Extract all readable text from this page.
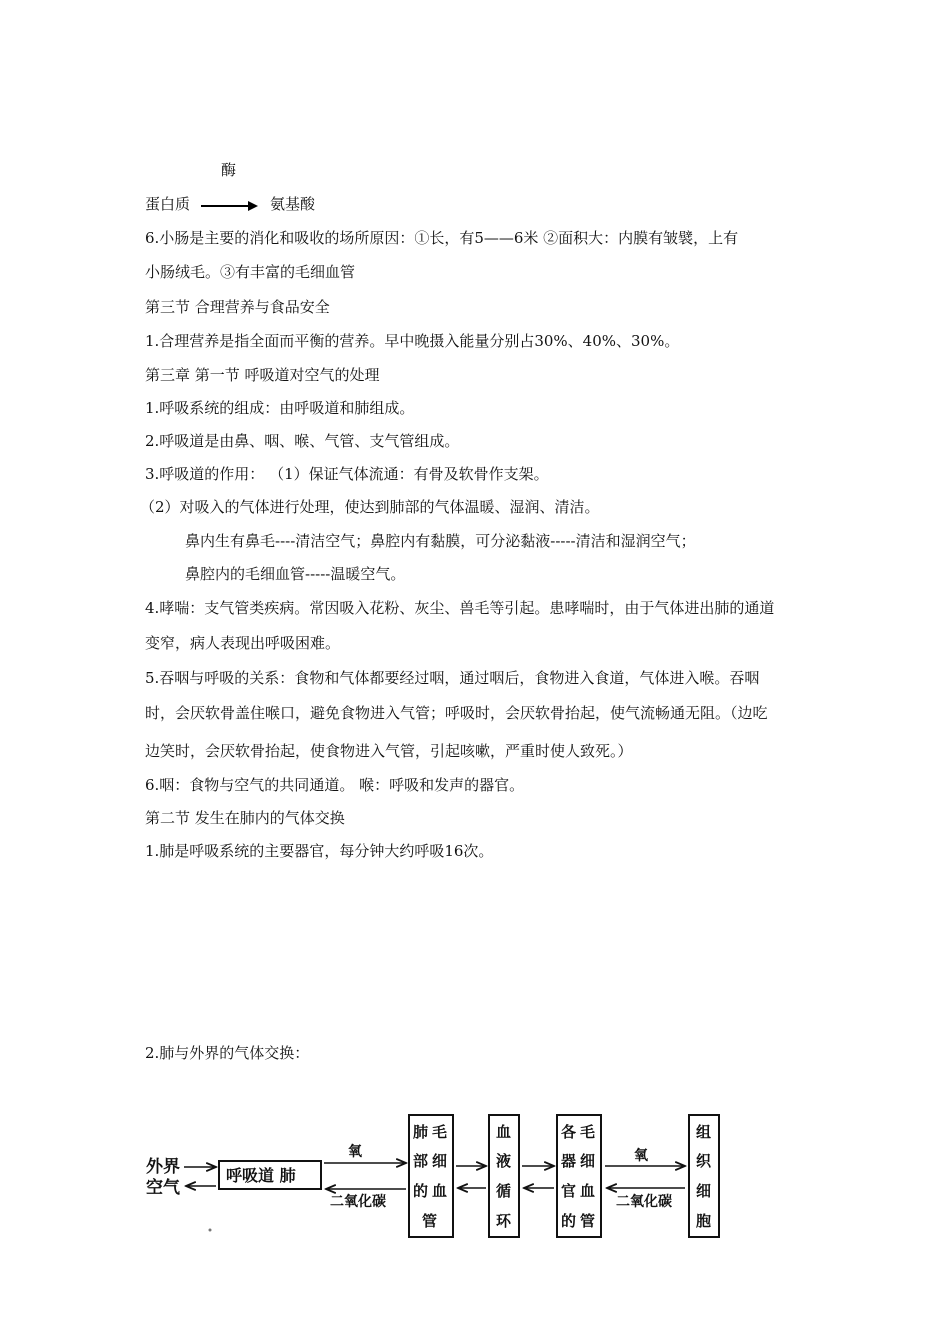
酶
蛋白质	氨基酸
6.小肠是主要的消化和吸收的场所原因：①长，有5——6米 ②面积大：内膜有皱襞，上有
小肠绒毛。③有丰富的毛细血管
第三节 合理营养与食品安全
1.合理营养是指全面而平衡的营养。早中晚摄入能量分别占30%、40%、30%。
第三章 第一节 呼吸道对空气的处理
1.呼吸系统的组成：由呼吸道和肺组成。
2.呼吸道是由鼻、咽、喉、气管、支气管组成。
3.呼吸道的作用： （1）保证气体流通：有骨及软骨作支架。
（2）对吸入的气体进行处理，使达到肺部的气体温暖、湿润、清洁。
鼻内生有鼻毛----清洁空气；鼻腔内有黏膜，可分泌黏液-----清洁和湿润空气；
鼻腔内的毛细血管-----温暖空气。
4.哮喘：支气管类疾病。常因吸入花粉、灰尘、兽毛等引起。患哮喘时，由于气体进出肺的通道
变窄，病人表现出呼吸困难。
5.吞咽与呼吸的关系：食物和气体都要经过咽，通过咽后，食物进入食道，气体进入喉。吞咽
时，会厌软骨盖住喉口，避免食物进入气管；呼吸时，会厌软骨抬起，使气流畅通无阻。（边吃
边笑时，会厌软骨抬起，使食物进入气管，引起咳嗽，严重时使人致死。）
6.咽：食物与空气的共同通道。 喉：呼吸和发声的器官。
第二节 发生在肺内的气体交换
1.肺是呼吸系统的主要器官，每分钟大约呼吸16次。
2.肺与外界的气体交换：
外界
空气
呼吸道 肺
氧
二氧化碳
肺 毛
部 细
的 血
管
血
液
循
环
各 毛
器 细
官 血
的 管
氧
二氧化碳
组
织
细
胞
